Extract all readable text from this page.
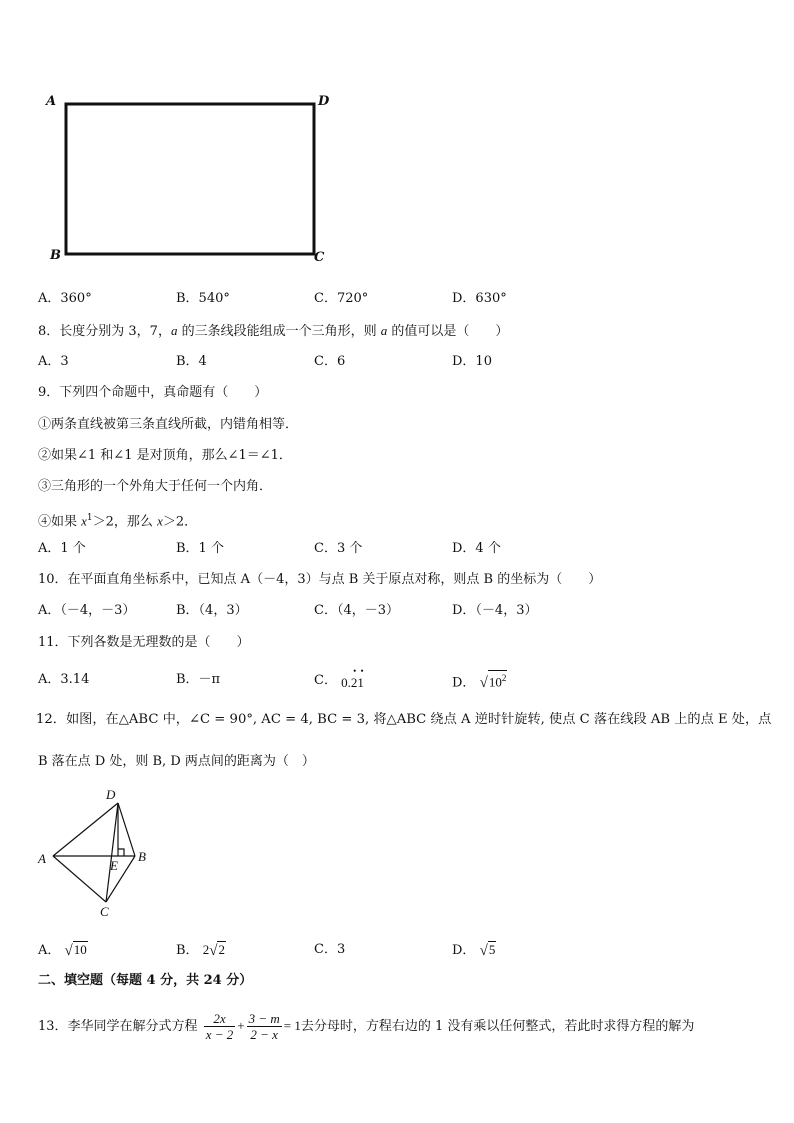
A	D
B	C
A．360°	B．540°	C．720°	D．630°
8．长度分别为 3，7，a 的三条线段能组成一个三角形，则 a 的值可以是（　　）
A．3	B．4	C．6	D．10
9．下列四个命题中，真命题有（　　）
①两条直线被第三条直线所截，内错角相等．
②如果∠1 和∠1 是对顶角，那么∠1＝∠1．
③三角形的一个外角大于任何一个内角．
④如果 $x^1>2$，那么 x＞2．
A．1 个	B．1 个	C．3 个	D．4 个
10．在平面直角坐标系中，已知点 A（－4，3）与点 B 关于原点对称，则点 B 的坐标为（　　）
A．（－4，－3）	B．（4，3）	C．（4，－3）	D．（－4，3）
11．下列各数是无理数的是（　　）
A．3.14	B．－π	C．
• •
0.21	D． $√10^2$
12．如图，在△ABC 中，∠C = 90°, AC = 4, BC = 3, 将△ABC 绕点 A 逆时针旋转, 使点 C 落在线段 AB 上的点 E 处，点
B 落在点 D 处，则 B, D 两点间的距离为（　）
D
A	B
E
C
A． √10	B． 2√2	C．3	D． √5
二、填空题（每题 4 分，共 24 分）
13．李华同学在解分式方程 $\frac{2x}{x - 2} + \frac{3 - m}{2 - x} = 1$去分母时，方程右边的 1 没有乘以任何整式，若此时求得方程的解为
